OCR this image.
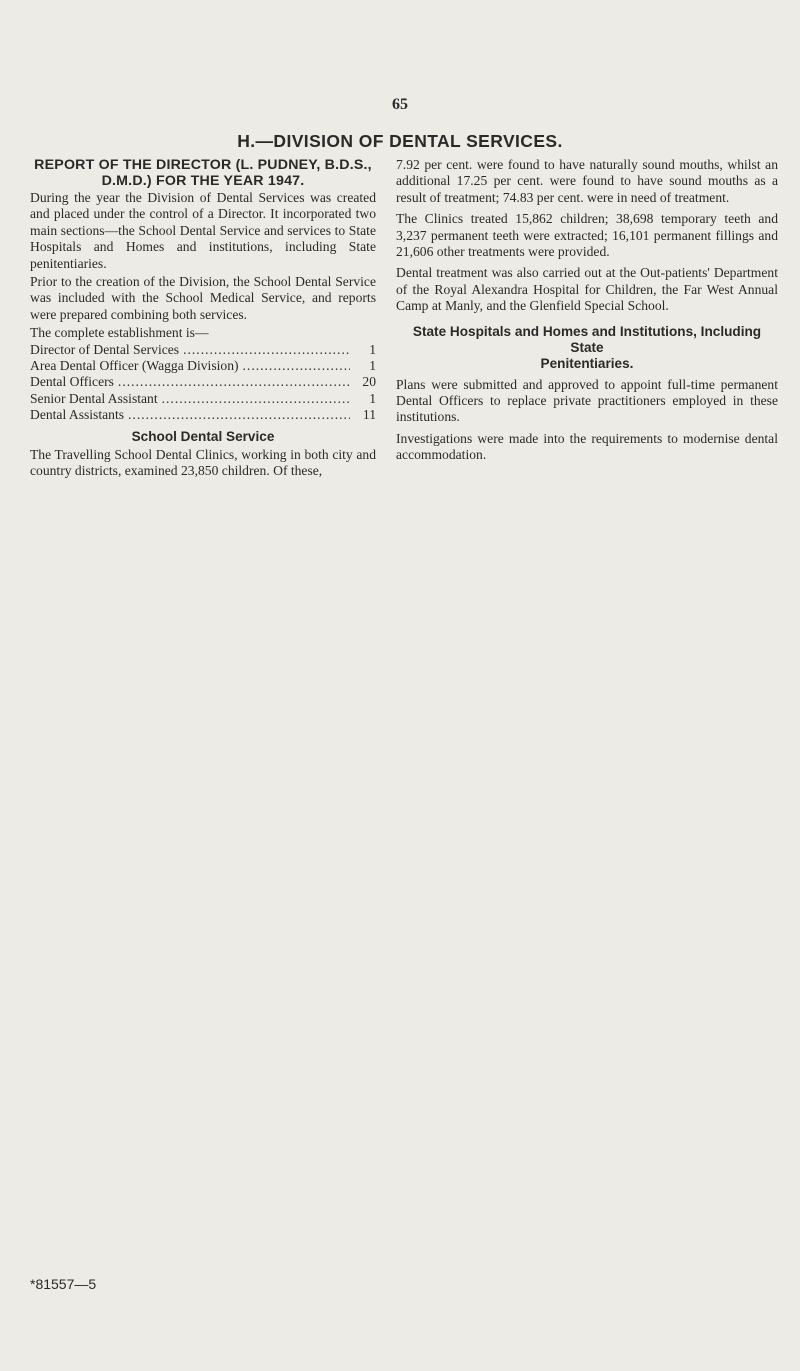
65
H.—DIVISION OF DENTAL SERVICES.
REPORT OF THE DIRECTOR (L. PUDNEY, B.D.S.,
D.M.D.) FOR THE YEAR 1947.

During the year the Division of Dental Services was created and placed under the control of a Director. It incorporated two main sections—the School Dental Service and services to State Hospitals and Homes and institutions, including State penitentiaries.

Prior to the creation of the Division, the School Dental Service was included with the School Medical Service, and reports were prepared combining both services.

The complete establishment is—

Director of Dental Services .....	1
Area Dental Officer (Wagga Division) .....	1
Dental Officers .....	20
Senior Dental Assistant .....	1
Dental Assistants .....	11
School Dental Service

The Travelling School Dental Clinics, working in both city and country districts, examined 23,850 children. Of these,

7.92 per cent. were found to have naturally sound mouths, whilst an additional 17.25 per cent. were found to have sound mouths as a result of treatment; 74.83 per cent. were in need of treatment.

The Clinics treated 15,862 children; 38,698 temporary teeth and 3,237 permanent teeth were extracted; 16,101 permanent fillings and 21,606 other treatments were provided.

Dental treatment was also carried out at the Out-patients' Department of the Royal Alexandra Hospital for Children, the Far West Annual Camp at Manly, and the Glenfield Special School.

State Hospitals and Homes and Institutions, Including State
Penitentiaries.

Plans were submitted and approved to appoint full-time permanent Dental Officers to replace private practitioners employed in these institutions.

Investigations were made into the requirements to modernise dental accommodation.

*81557—5
